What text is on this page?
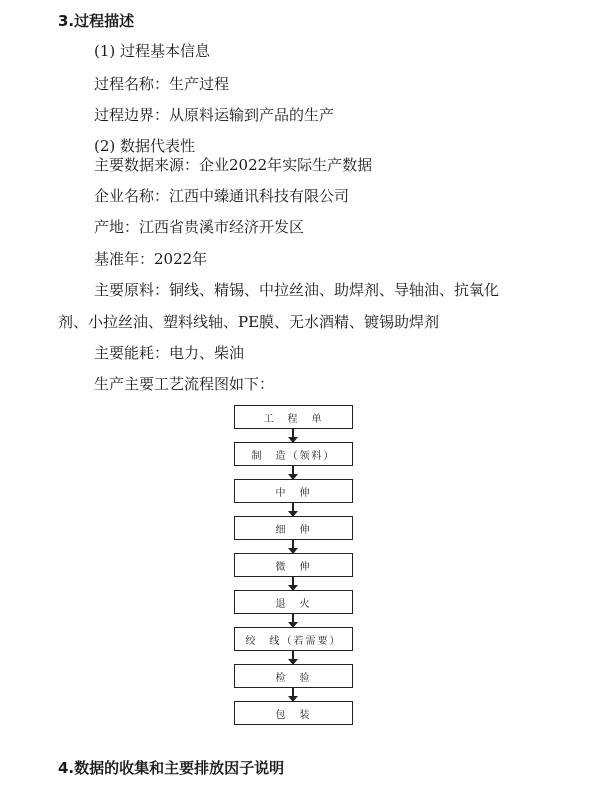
3.过程描述
(1) 过程基本信息
过程名称：生产过程
过程边界：从原料运输到产品的生产
(2) 数据代表性
主要数据来源：企业2022年实际生产数据
企业名称：江西中臻通讯科技有限公司
产地：江西省贵溪市经济开发区
基准年：2022年
主要原料：铜线、精锡、中拉丝油、助焊剂、导轴油、抗氧化
剂、小拉丝油、塑料线轴、PE膜、无水酒精、镀锡助焊剂
主要能耗：电力、柴油
生产主要工艺流程图如下：
工　程　单
制　造（领料）
中　伸
细　伸
微　伸
退　火
绞　线（若需要）
检　验
包　装
4.数据的收集和主要排放因子说明
